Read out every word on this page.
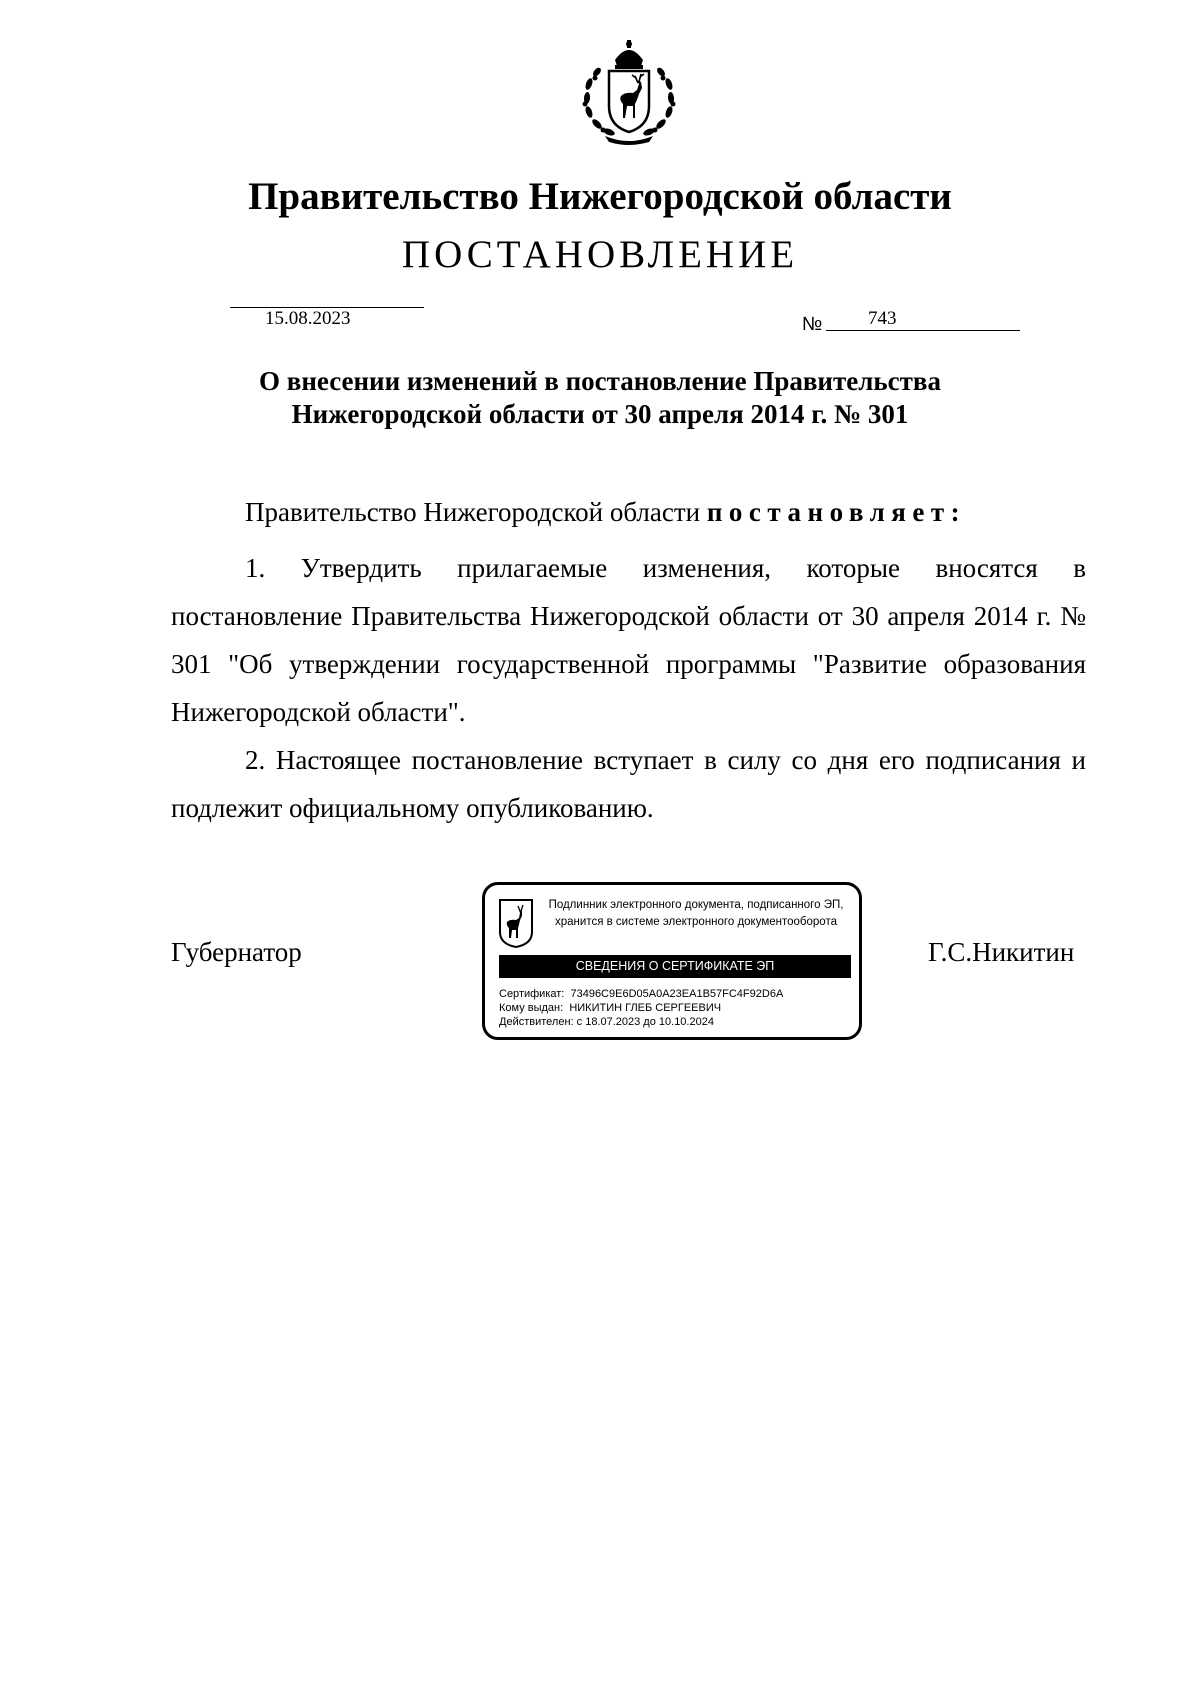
Правительство Нижегородской области
ПОСТАНОВЛЕНИЕ
15.08.2023	№ 743
О внесении изменений в постановление Правительства
Нижегородской области от 30 апреля 2014 г. № 301
Правительство Нижегородской области постановляет:
1. Утвердить прилагаемые изменения, которые вносятся в постановление Правительства Нижегородской области от 30 апреля 2014 г. № 301 "Об утверждении государственной программы "Развитие образования Нижегородской области".
2. Настоящее постановление вступает в силу со дня его подписания и подлежит официальному опубликованию.
Губернатор	Г.С.Никитин
Подлинник электронного документа, подписанного ЭП,
хранится в системе электронного документооборота
СВЕДЕНИЯ О СЕРТИФИКАТЕ ЭП
Сертификат: 73496C9E6D05A0A23EA1B57FC4F92D6A
Кому выдан: НИКИТИН ГЛЕБ СЕРГЕЕВИЧ
Действителен: с 18.07.2023 до 10.10.2024
